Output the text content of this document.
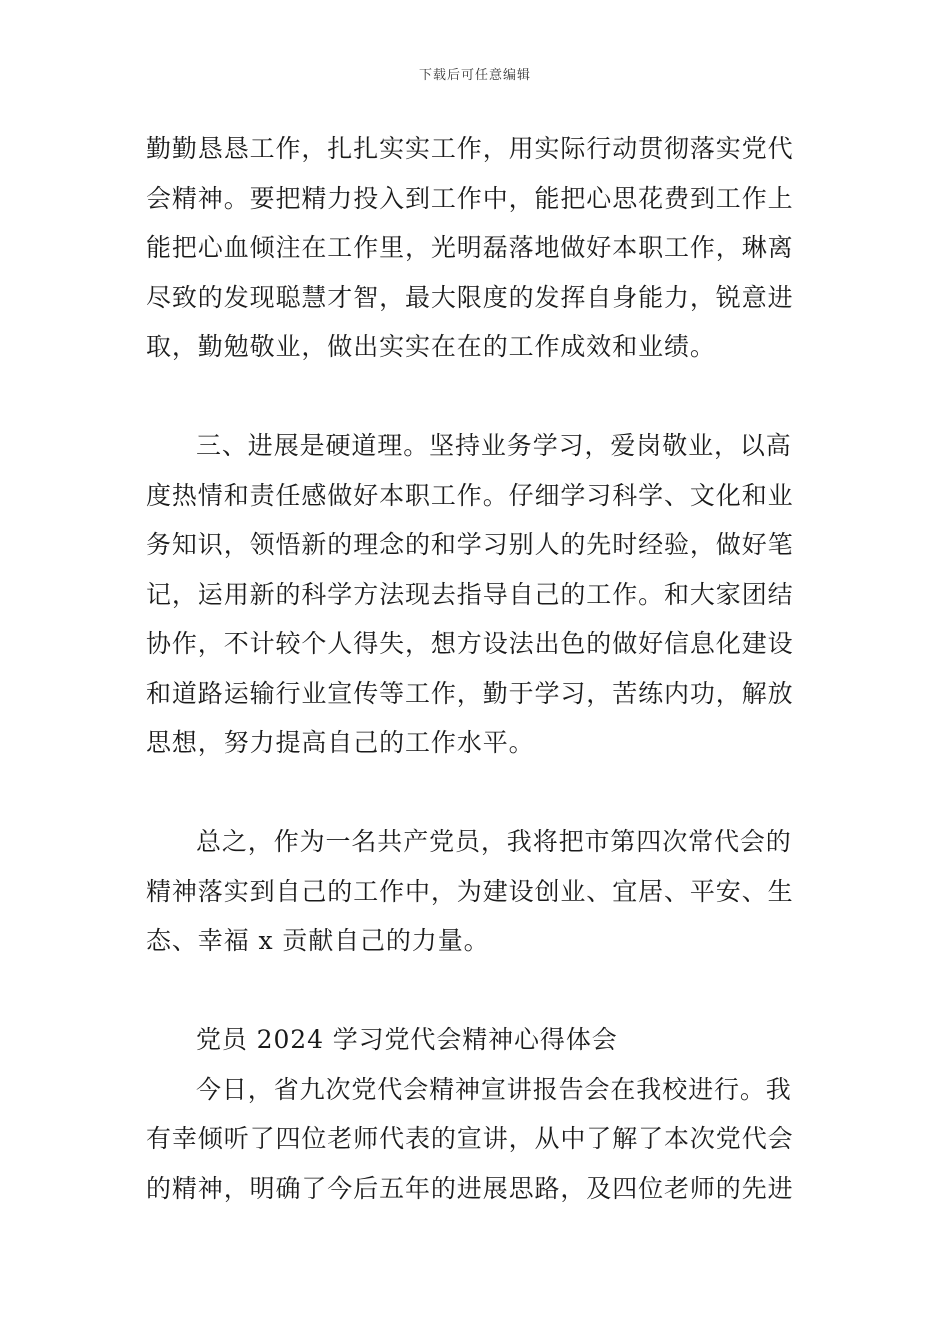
下载后可任意编辑
勤勤恳恳工作，扎扎实实工作，用实际行动贯彻落实党代
会精神。要把精力投入到工作中，能把心思花费到工作上
能把心血倾注在工作里，光明磊落地做好本职工作，琳离
尽致的发现聪慧才智，最大限度的发挥自身能力，锐意进
取，勤勉敬业，做出实实在在的工作成效和业绩。
三、进展是硬道理。坚持业务学习，爱岗敬业，以高
度热情和责任感做好本职工作。仔细学习科学、文化和业
务知识，领悟新的理念的和学习别人的先时经验，做好笔
记，运用新的科学方法现去指导自己的工作。和大家团结
协作，不计较个人得失，想方设法出色的做好信息化建设
和道路运输行业宣传等工作，勤于学习，苦练内功，解放
思想，努力提高自己的工作水平。
总之，作为一名共产党员，我将把市第四次常代会的
精神落实到自己的工作中，为建设创业、宜居、平安、生
态、幸福 x 贡献自己的力量。
党员 2024 学习党代会精神心得体会
今日，省九次党代会精神宣讲报告会在我校进行。我
有幸倾听了四位老师代表的宣讲，从中了解了本次党代会
的精神，明确了今后五年的进展思路，及四位老师的先进
